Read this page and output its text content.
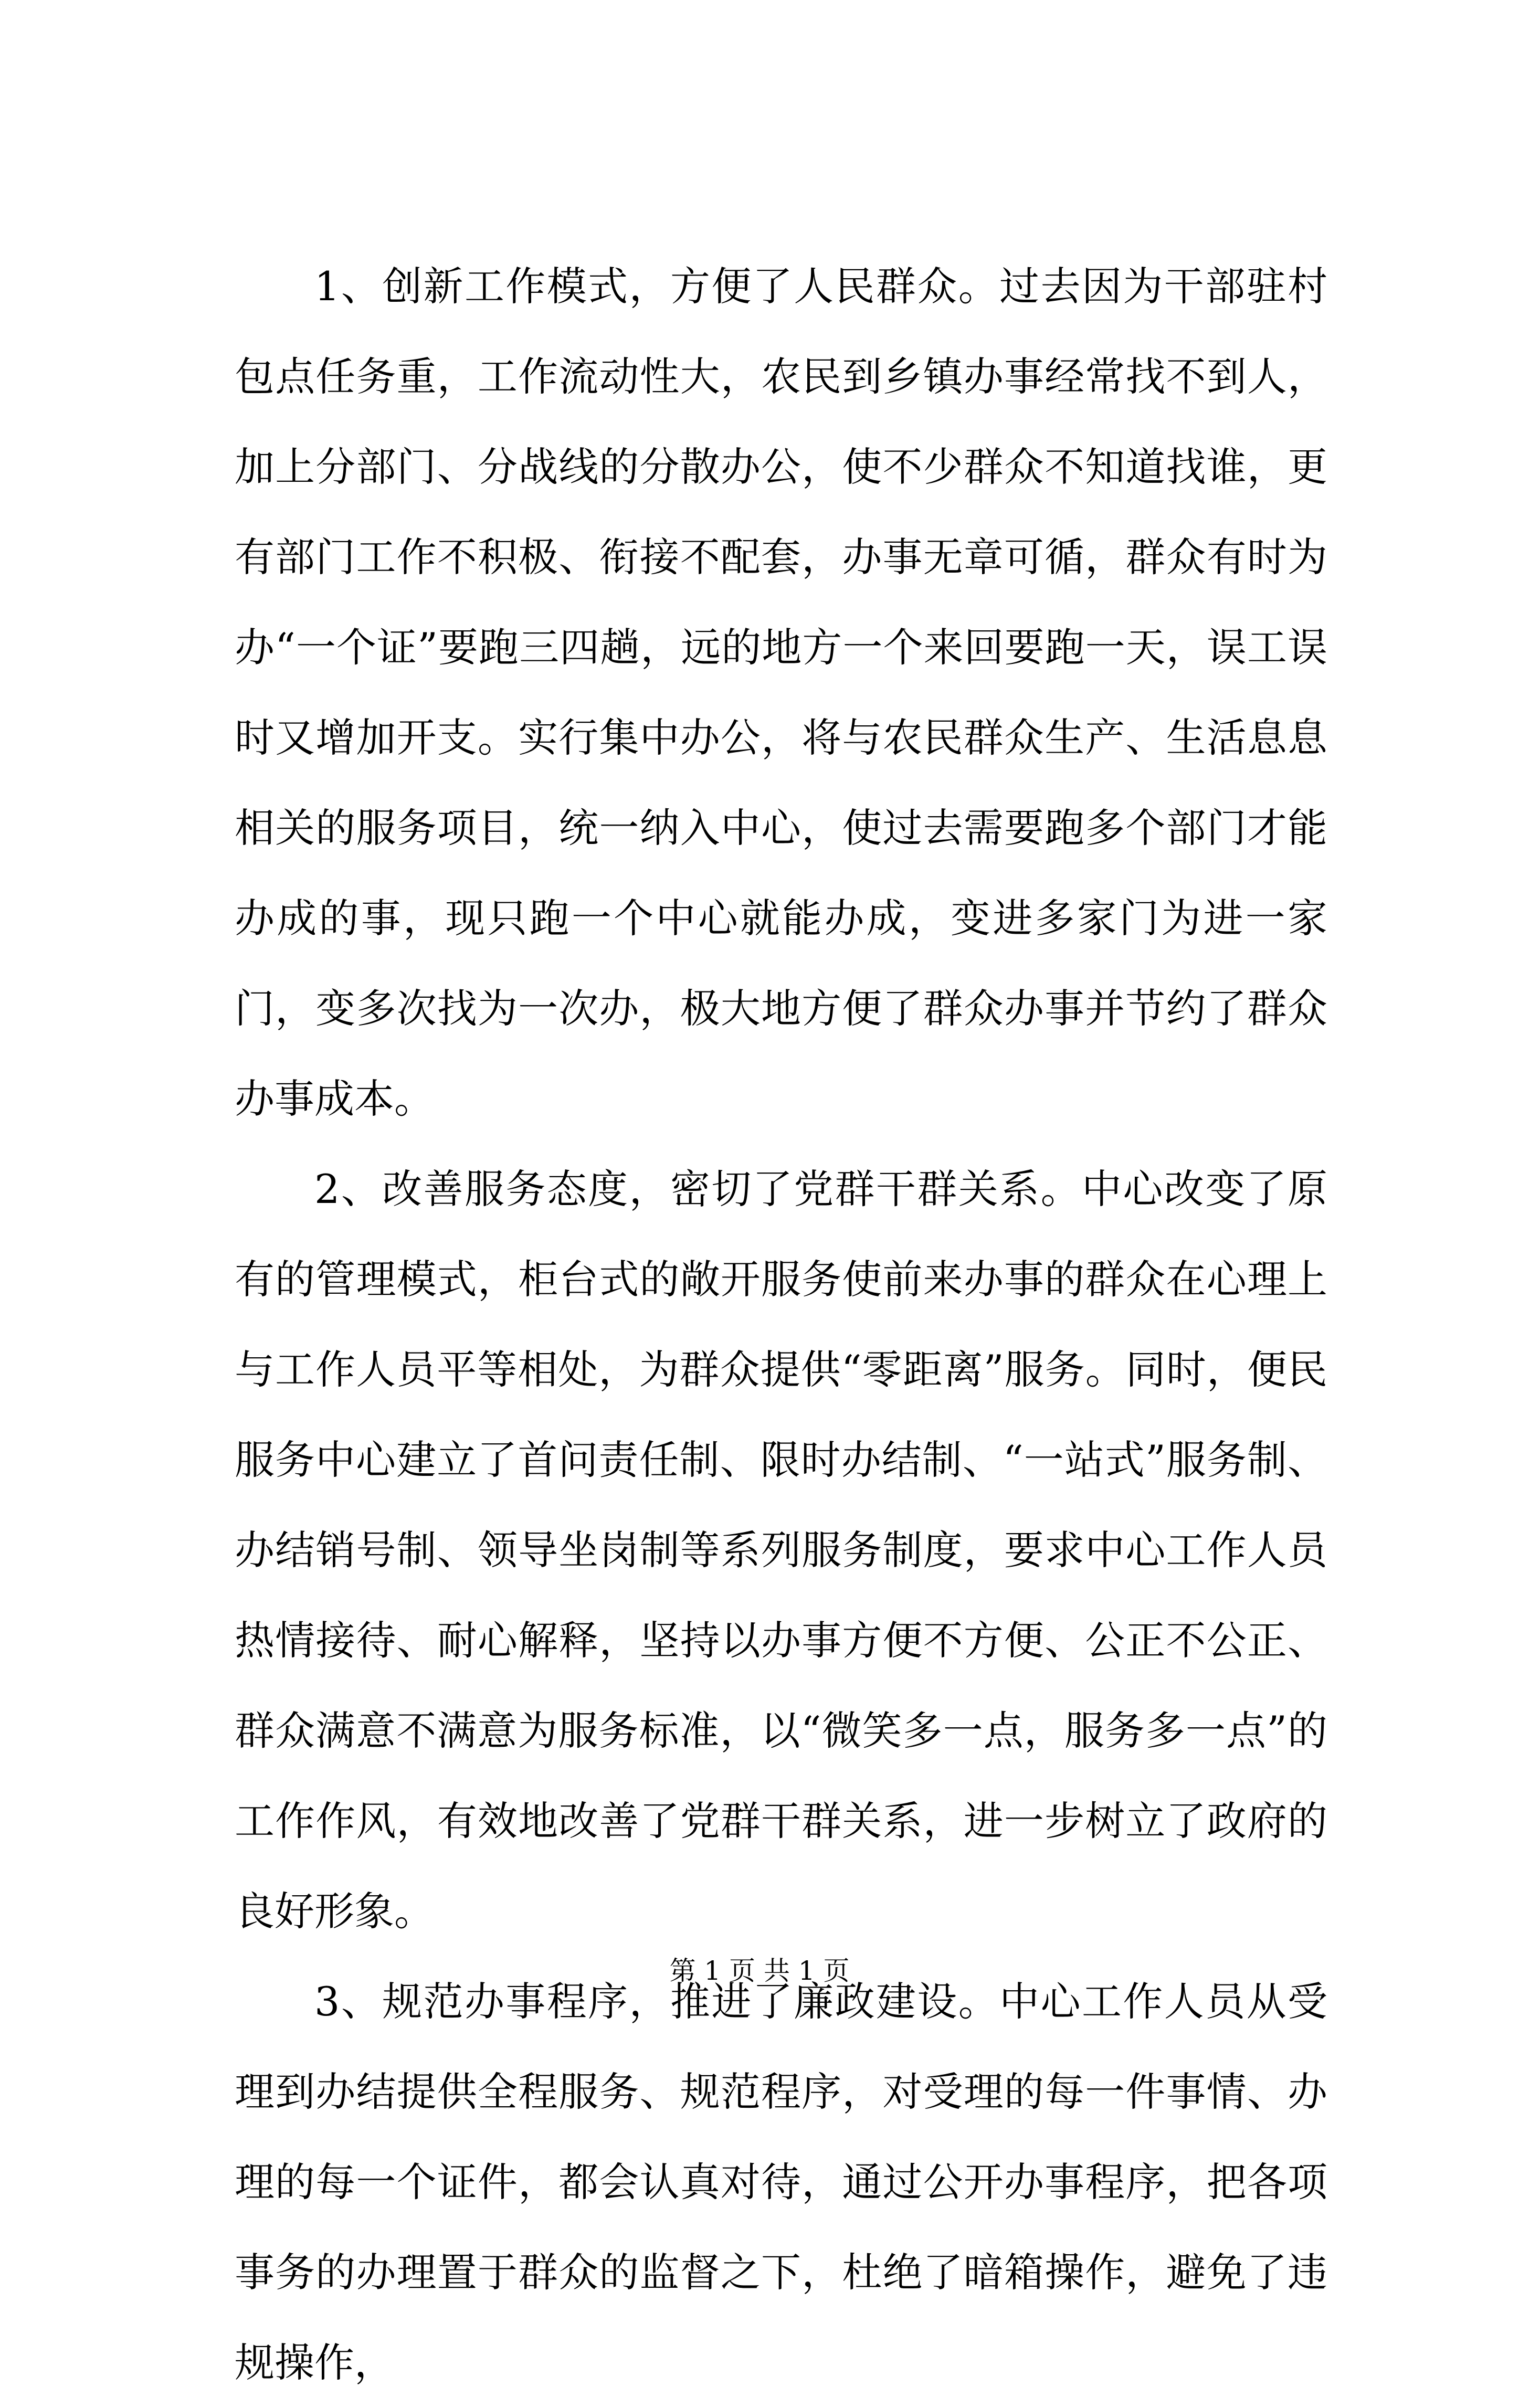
1、创新工作模式，方便了人民群众。过去因为干部驻村包点任务重，工作流动性大，农民到乡镇办事经常找不到人，加上分部门、分战线的分散办公，使不少群众不知道找谁，更有部门工作不积极、衔接不配套，办事无章可循，群众有时为办“一个证”要跑三四趟，远的地方一个来回要跑一天，误工误时又增加开支。实行集中办公，将与农民群众生产、生活息息相关的服务项目，统一纳入中心，使过去需要跑多个部门才能办成的事，现只跑一个中心就能办成，变进多家门为进一家门，变多次找为一次办，极大地方便了群众办事并节约了群众办事成本。

2、改善服务态度，密切了党群干群关系。中心改变了原有的管理模式，柜台式的敞开服务使前来办事的群众在心理上与工作人员平等相处，为群众提供“零距离”服务。同时，便民服务中心建立了首问责任制、限时办结制、“一站式”服务制、办结销号制、领导坐岗制等系列服务制度，要求中心工作人员热情接待、耐心解释，坚持以办事方便不方便、公正不公正、群众满意不满意为服务标准，以“微笑多一点，服务多一点”的工作作风，有效地改善了党群干群关系，进一步树立了政府的良好形象。

3、规范办事程序，推进了廉政建设。中心工作人员从受理到办结提供全程服务、规范程序，对受理的每一件事情、办理的每一个证件，都会认真对待，通过公开办事程序，把各项事务的办理置于群众的监督之下，杜绝了暗箱操作，避免了违规操作，

第 1 页 共 1 页
